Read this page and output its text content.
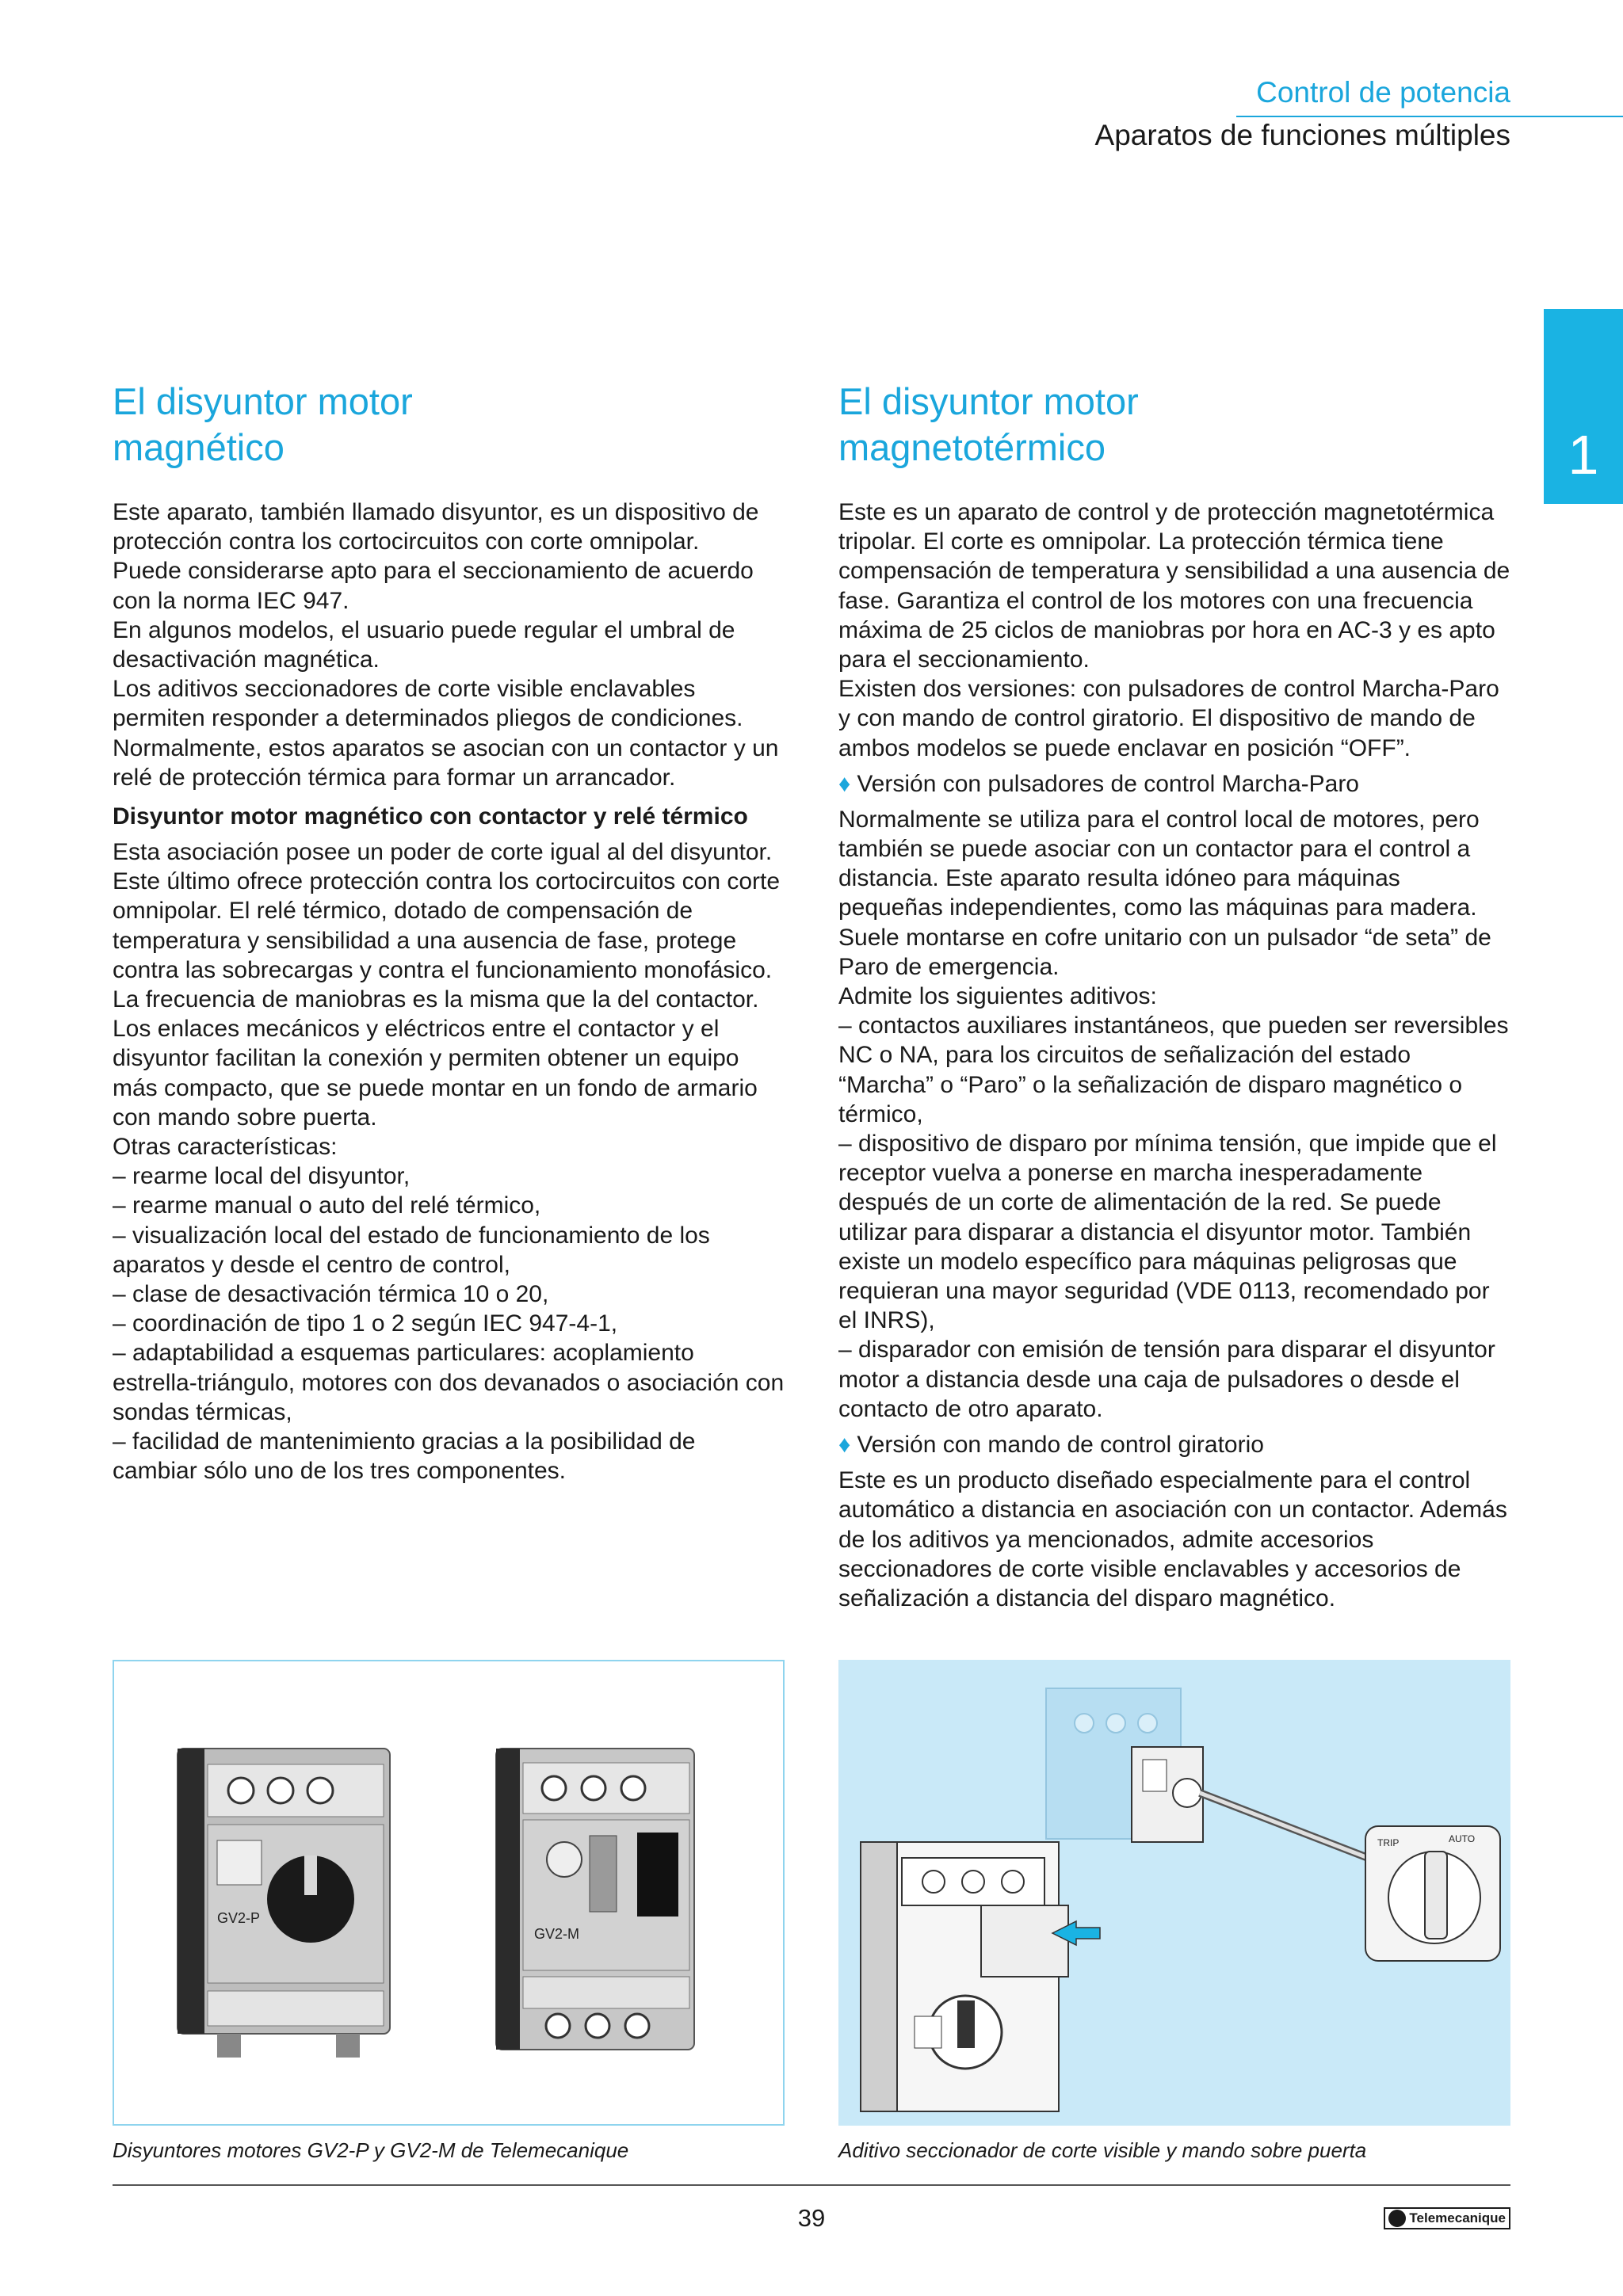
Control de potencia
Aparatos de funciones múltiples
1
El disyuntor motor
magnético

Este aparato, también llamado disyuntor, es un dispositivo de protección contra los cortocircuitos con corte omnipolar.
Puede considerarse apto para el seccionamiento de acuerdo con la norma IEC 947.
En algunos modelos, el usuario puede regular el umbral de desactivación magnética.
Los aditivos seccionadores de corte visible enclavables permiten responder a determinados pliegos de condiciones.
Normalmente, estos aparatos se asocian con un contactor y un relé de protección térmica para formar un arrancador.

Disyuntor motor magnético con contactor y relé térmico

Esta asociación posee un poder de corte igual al del disyuntor. Este último ofrece protección contra los cortocircuitos con corte omnipolar. El relé térmico, dotado de compensación de temperatura y sensibilidad a una ausencia de fase, protege contra las sobrecargas y contra el funcionamiento monofásico.
La frecuencia de maniobras es la misma que la del contactor.
Los enlaces mecánicos y eléctricos entre el contactor y el disyuntor facilitan la conexión y permiten obtener un equipo más compacto, que se puede montar en un fondo de armario con mando sobre puerta.
Otras características:
– rearme local del disyuntor,
– rearme manual o auto del relé térmico,
– visualización local del estado de funcionamiento de los aparatos y desde el centro de control,
– clase de desactivación térmica 10 o 20,
– coordinación de tipo 1 o 2 según IEC 947-4-1,
– adaptabilidad a esquemas particulares: acoplamiento estrella-triángulo, motores con dos devanados o asociación con sondas térmicas,
– facilidad de mantenimiento gracias a la posibilidad de cambiar sólo uno de los tres componentes.

El disyuntor motor
magnetotérmico

Este es un aparato de control y de protección magnetotérmica tripolar. El corte es omnipolar. La protección térmica tiene compensación de temperatura y sensibilidad a una ausencia de fase. Garantiza el control de los motores con una frecuencia máxima de 25 ciclos de maniobras por hora en AC-3 y es apto para el seccionamiento.
Existen dos versiones: con pulsadores de control Marcha-Paro y con mando de control giratorio. El dispositivo de mando de ambos modelos se puede enclavar en posición “OFF”.

♦ Versión con pulsadores de control Marcha-Paro

Normalmente se utiliza para el control local de motores, pero también se puede asociar con un contactor para el control a distancia. Este aparato resulta idóneo para máquinas pequeñas independientes, como las máquinas para madera. Suele montarse en cofre unitario con un pulsador “de seta” de Paro de emergencia.
Admite los siguientes aditivos:
– contactos auxiliares instantáneos, que pueden ser reversibles NC o NA, para los circuitos de señalización del estado “Marcha” o “Paro” o la señalización de disparo magnético o térmico,
– dispositivo de disparo por mínima tensión, que impide que el receptor vuelva a ponerse en marcha inesperadamente después de un corte de alimentación de la red. Se puede utilizar para disparar a distancia el disyuntor motor. También existe un modelo específico para máquinas peligrosas que requieran una mayor seguridad (VDE 0113, recomendado por el INRS),
– disparador con emisión de tensión para disparar el disyuntor motor a distancia desde una caja de pulsadores o desde el contacto de otro aparato.

♦ Versión con mando de control giratorio

Este es un producto diseñado especialmente para el control automático a distancia en asociación con un contactor. Además de los aditivos ya mencionados, admite accesorios seccionadores de corte visible enclavables y accesorios de señalización a distancia del disparo magnético.

GV2-P
GV2-M
TRIP	AUTO
Disyuntores motores GV2-P y GV2-M de Telemecanique	Aditivo seccionador de corte visible y mando sobre puerta
39	Telemecanique
